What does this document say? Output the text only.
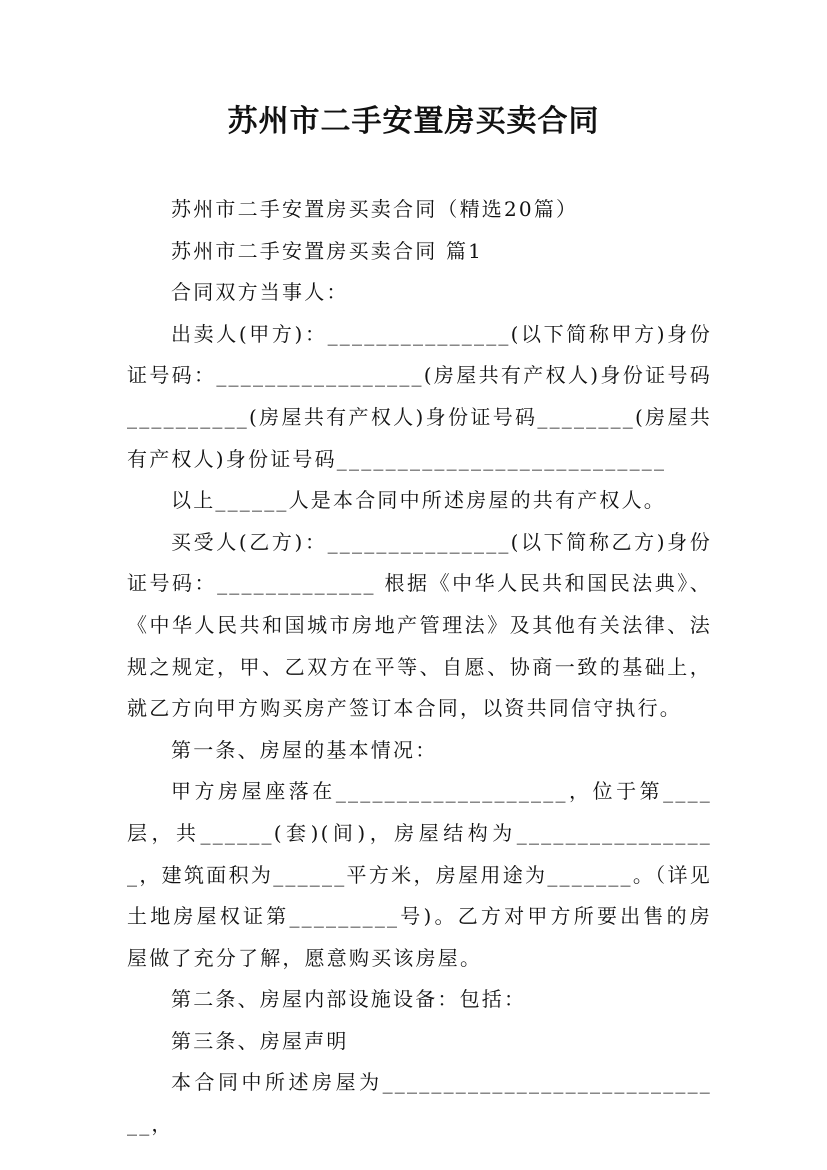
苏州市二手安置房买卖合同

苏州市二手安置房买卖合同（精选20篇）

苏州市二手安置房买卖合同 篇1

合同双方当事人：

出卖人(甲方)：_______________(以下简称甲方)身份证号码：_________________(房屋共有产权人)身份证号码__________(房屋共有产权人)身份证号码________(房屋共有产权人)身份证号码___________________________

以上______人是本合同中所述房屋的共有产权人。

买受人(乙方)：_______________(以下简称乙方)身份证号码：_____________ 根据《中华人民共和国民法典》、《中华人民共和国城市房地产管理法》及其他有关法律、法规之规定，甲、乙双方在平等、自愿、协商一致的基础上，就乙方向甲方购买房产签订本合同，以资共同信守执行。

第一条、房屋的基本情况：

甲方房屋座落在___________________，位于第____层，共______(套)(间)，房屋结构为_________________，建筑面积为______平方米，房屋用途为_______。（详见土地房屋权证第_________号)。乙方对甲方所要出售的房屋做了充分了解，愿意购买该房屋。

第二条、房屋内部设施设备：包括：

第三条、房屋声明

本合同中所述房屋为_____________________________，
